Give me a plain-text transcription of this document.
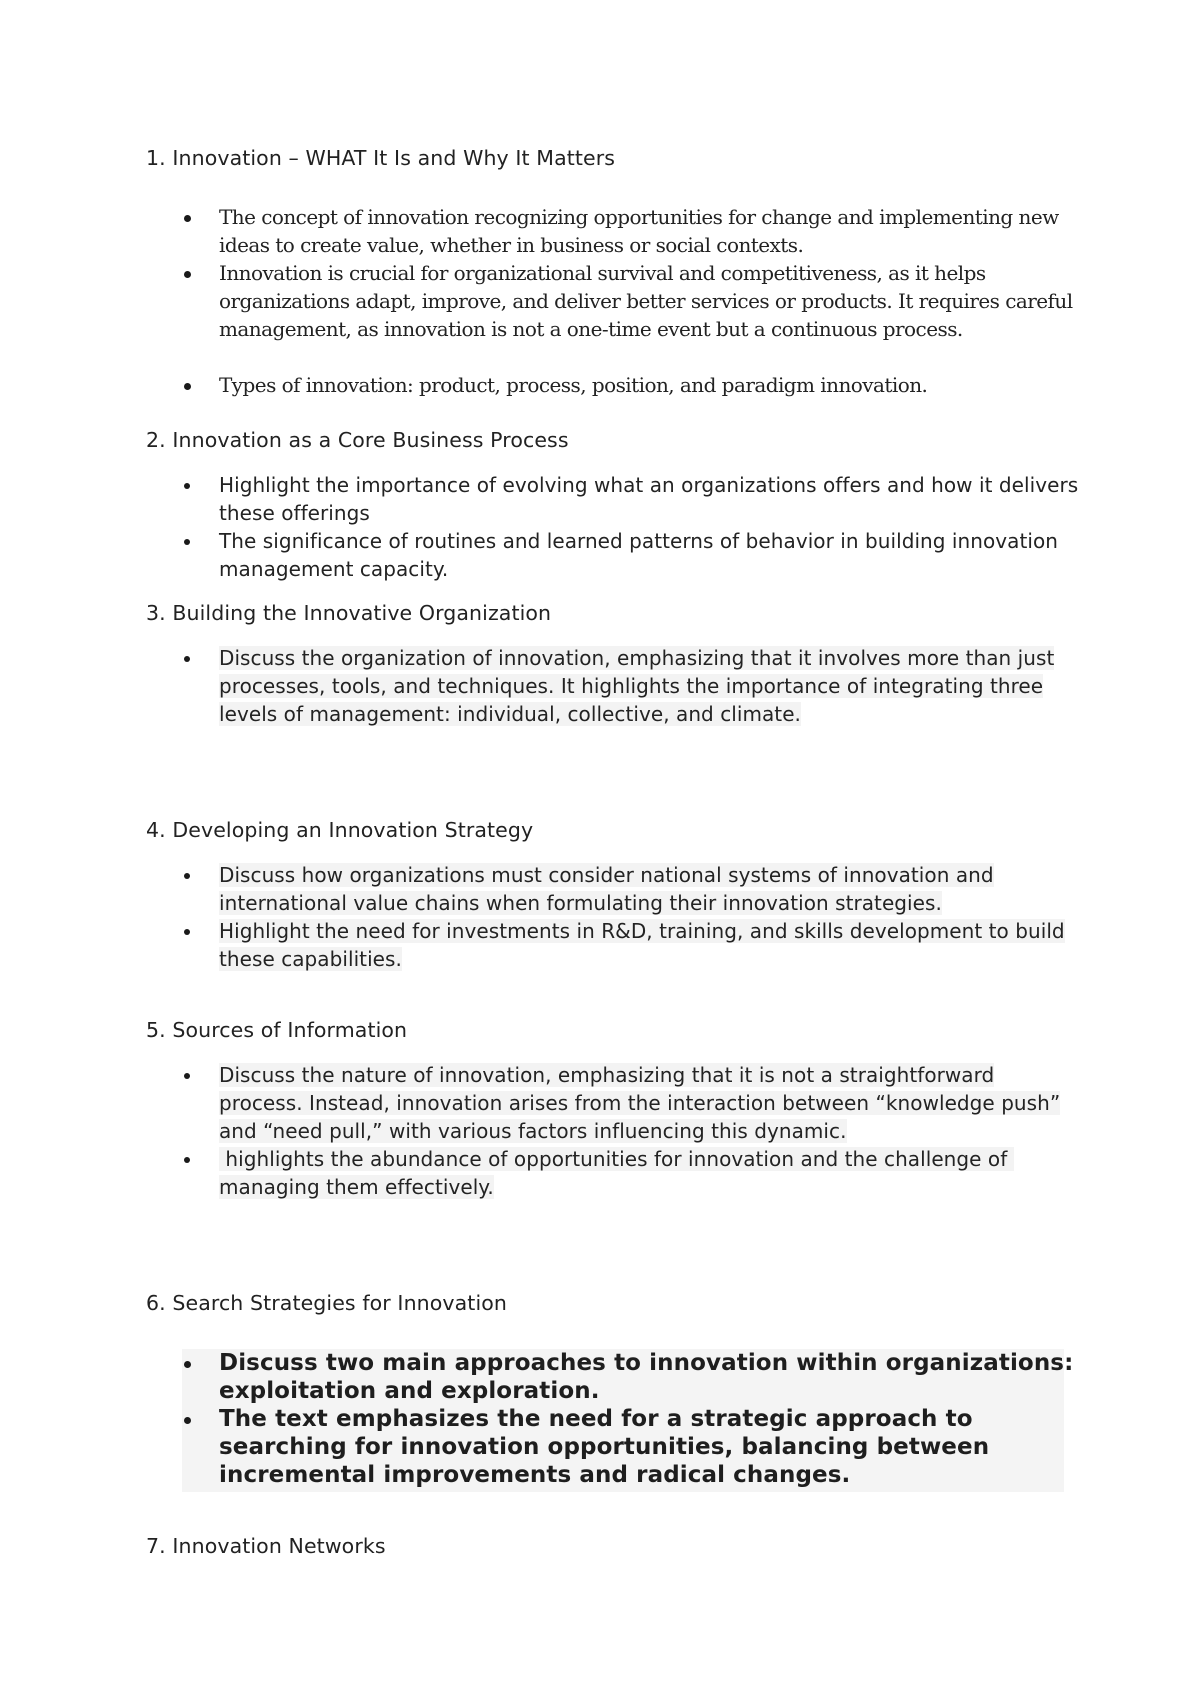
1. Innovation – WHAT It Is and Why It Matters
The concept of innovation recognizing opportunities for change and implementing new ideas to create value, whether in business or social contexts.
Innovation is crucial for organizational survival and competitiveness, as it helps organizations adapt, improve, and deliver better services or products. It requires careful management, as innovation is not a one-time event but a continuous process.
Types of innovation: product, process, position, and paradigm innovation.
2. Innovation as a Core Business Process
Highlight the importance of evolving what an organizations offers and how it delivers these offerings
The significance of routines and learned patterns of behavior in building innovation management capacity.
3. Building the Innovative Organization
Discuss the organization of innovation, emphasizing that it involves more than just processes, tools, and techniques. It highlights the importance of integrating three levels of management: individual, collective, and climate.
4. Developing an Innovation Strategy
Discuss how organizations must consider national systems of innovation and international value chains when formulating their innovation strategies.
Highlight the need for investments in R&D, training, and skills development to build these capabilities.
5. Sources of Information
Discuss the nature of innovation, emphasizing that it is not a straightforward process. Instead, innovation arises from the interaction between “knowledge push” and “need pull,” with various factors influencing this dynamic.
highlights the abundance of opportunities for innovation and the challenge of managing them effectively.
6. Search Strategies for Innovation
Discuss two main approaches to innovation within organizations: exploitation and exploration.
The text emphasizes the need for a strategic approach to searching for innovation opportunities, balancing between incremental improvements and radical changes.
7. Innovation Networks
